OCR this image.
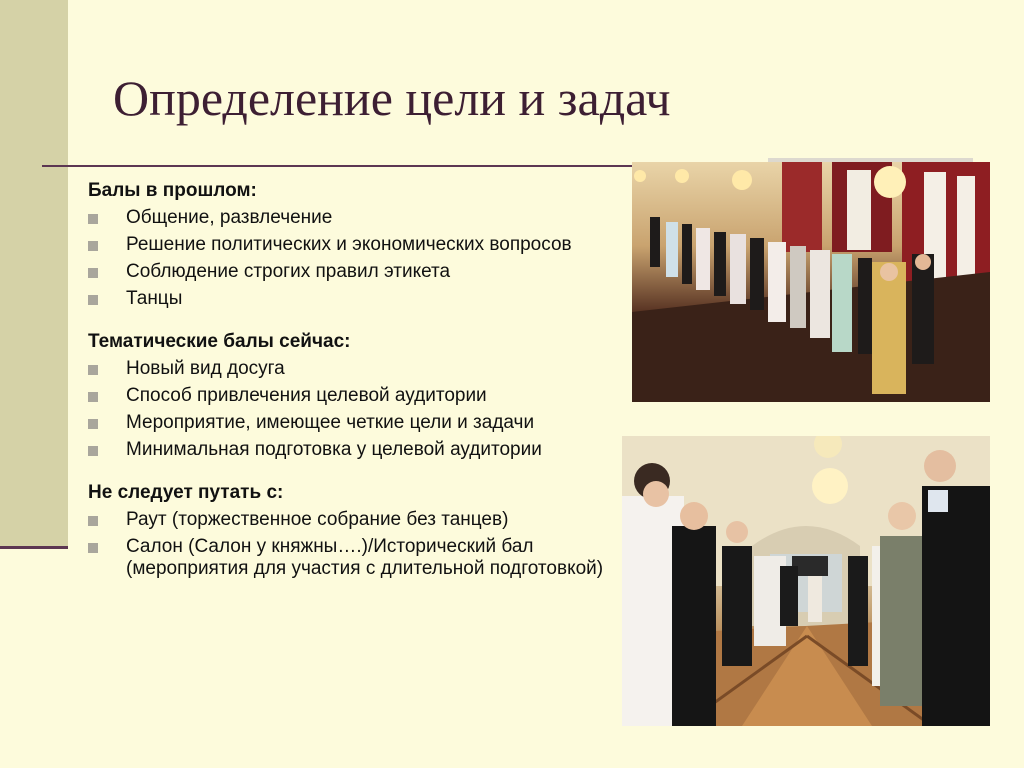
Определение цели и задач
Балы в прошлом:
Общение, развлечение
Решение политических и экономических вопросов
Соблюдение строгих правил этикета
Танцы
Тематические балы сейчас:
Новый вид досуга
Способ привлечения целевой аудитории
Мероприятие, имеющее четкие цели и задачи
Минимальная подготовка у целевой аудитории
Не следует путать с:
Раут (торжественное собрание без танцев)
Салон (Салон у княжны….)/Исторический бал (мероприятия для участия с длительной подготовкой)
